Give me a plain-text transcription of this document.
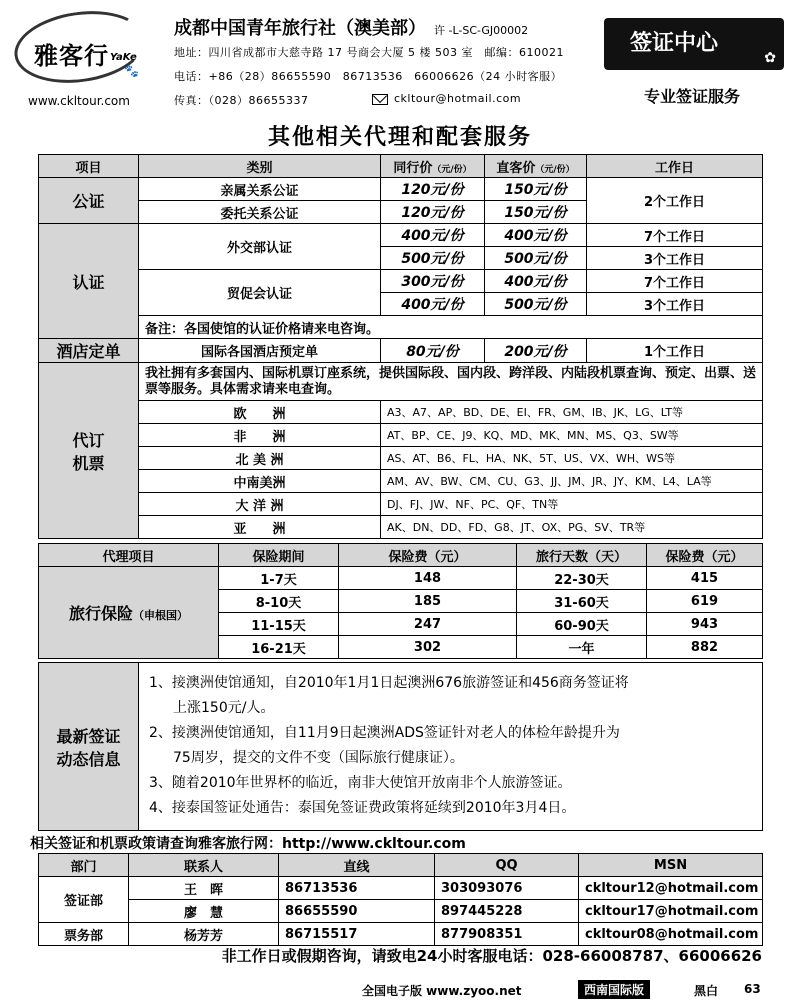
雅客行 YaKe
🐾
www.ckltour.com
成都中国青年旅行社（澳美部） 许 -L-SC-GJ00002
地址：四川省成都市大慈寺路 17 号商会大厦 5 楼 503 室　邮编：610021
电话：+86（28）86655590　86713536　66006626（24 小时客服）
传真：（028）86655337	ckltour@hotmail.com
签证中心
✿
专业签证服务
其他相关代理和配套服务
项目	类别	同行价（元/份）	直客价（元/份）	工作日
公证	亲属关系公证	120元/份	150元/份	2个工作日
	委托关系公证	120元/份	150元/份	
认证	外交部认证	400元/份	400元/份	7个工作日
		500元/份	500元/份	3个工作日
	贸促会认证	300元/份	400元/份	7个工作日
		400元/份	500元/份	3个工作日
	备注：各国使馆的认证价格请来电咨询。			
酒店定单	国际各国酒店预定单	80元/份	200元/份	1个工作日

代订
机票	我社拥有多套国内、国际机票订座系统，提供国际段、国内段、跨洋段、内陆段机票查询、预定、出票、送票等服务。具体需求请来电查询。			
	欧　　洲	A3、A7、AP、BD、DE、EI、FR、GM、IB、JK、LG、LT等		
	非　　洲	AT、BP、CE、J9、KQ、MD、MK、MN、MS、Q3、SW等		
	北 美 洲	AS、AT、B6、FL、HA、NK、5T、US、VX、WH、WS等		
	中南美洲	AM、AV、BW、CM、CU、G3、JJ、JM、JR、JY、KM、L4、LA等		
	大 洋 洲	DJ、FJ、JW、NF、PC、QF、TN等		
	亚　　洲	AK、DN、DD、FD、G8、JT、OX、PG、SV、TR等		
代理项目	保险期间	保险费（元）	旅行天数（天）	保险费（元）
旅行保险（申根国）	1-7天	148	22-30天	415
	8-10天	185	31-60天	619
	11-15天	247	60-90天	943
	16-21天	302	一年	882
最新签证
动态信息

1、接澳洲使馆通知，自2010年1月1日起澳洲676旅游签证和456商务签证将
上涨150元/人。
2、接澳洲使馆通知，自11月9日起澳洲ADS签证针对老人的体检年龄提升为
75周岁，提交的文件不变（国际旅行健康证）。
3、随着2010年世界杯的临近，南非大使馆开放南非个人旅游签证。
4、接泰国签证处通告：泰国免签证费政策将延续到2010年3月4日。
相关签证和机票政策请查询雅客旅行网：http://www.ckltour.com
部门	联系人	直线	QQ	MSN
签证部	王　晖	86713536	303093076	ckltour12@hotmail.com
	廖　慧	86655590	897445228	ckltour17@hotmail.com
票务部	杨芳芳	86715517	877908351	ckltour08@hotmail.com
非工作日或假期咨询，请致电24小时客服电话：028-66008787、66006626
全国电子版 www.zyoo.net	西南国际版	黑白 63
